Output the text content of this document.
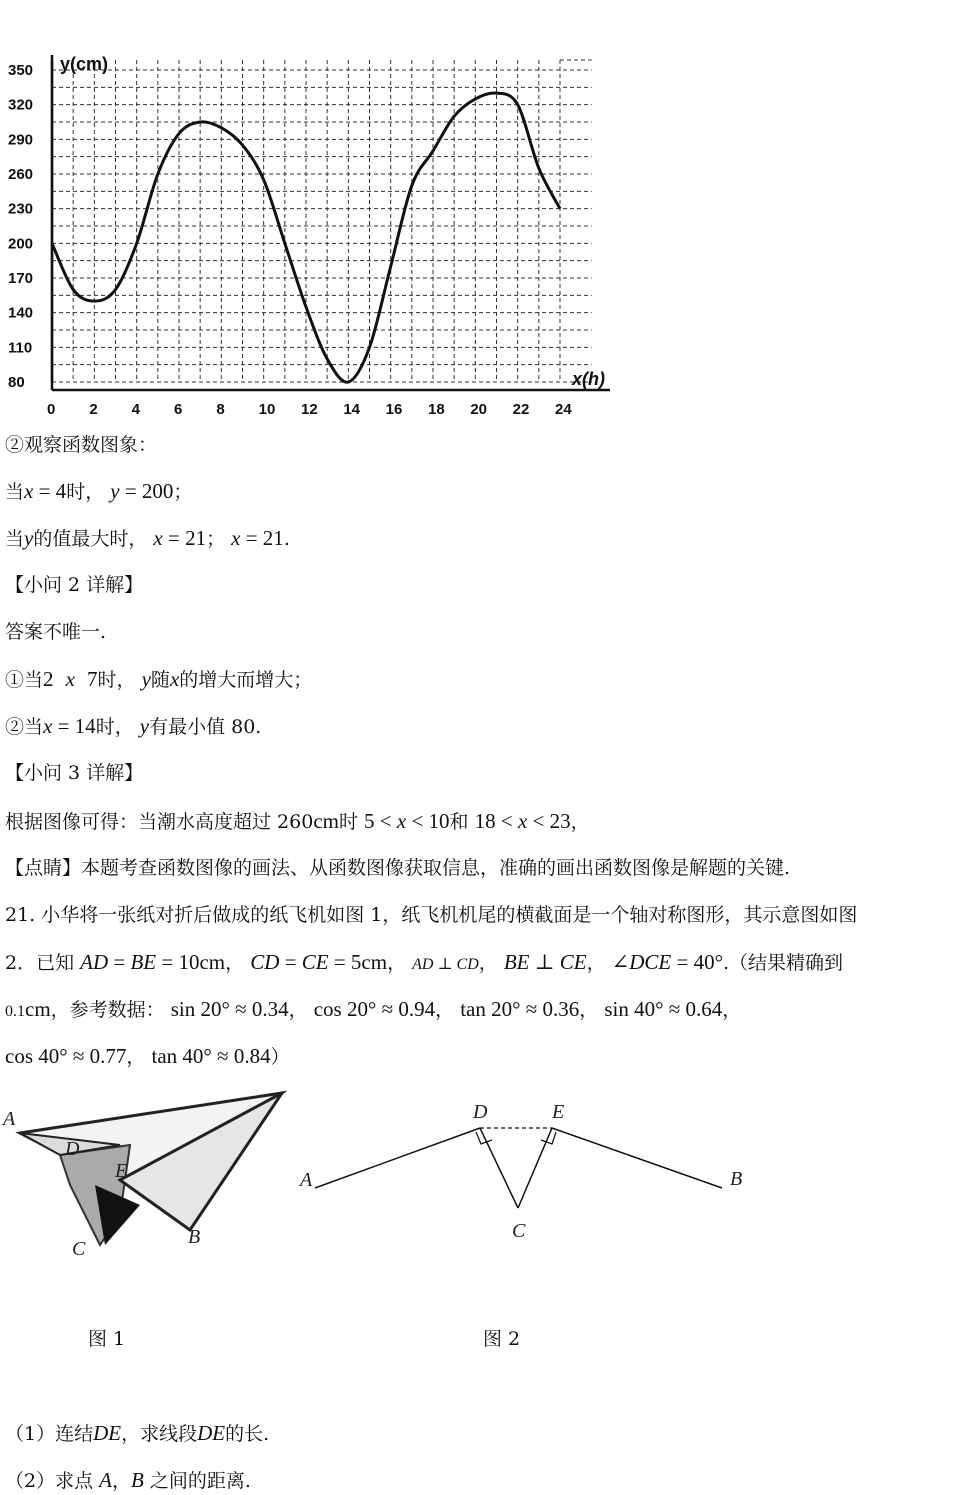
80
110
140
170
200
230
260
290
320
350
0 2 4 6 8 10 12 14 16 18 20 22 24
y(cm)
x(h)
②观察函数图象：
当x = 4时， y = 200；
当y的值最大时， x = 21； x = 21.
【小问 2 详解】
答案不唯一.
①当2 x 7时， y随x的增大而增大；
②当x = 14时， y有最小值 80.
【小问 3 详解】
根据图像可得：当潮水高度超过 260cm时 5 < x < 10和 18 < x < 23，
【点睛】本题考查函数图像的画法、从函数图像获取信息，准确的画出函数图像是解题的关键.
21. 小华将一张纸对折后做成的纸飞机如图 1，纸飞机机尾的横截面是一个轴对称图形，其示意图如图
2．已知 AD = BE = 10cm， CD = CE = 5cm， AD ⊥ CD， BE ⊥ CE， ∠DCE = 40°.（结果精确到
0.1cm，参考数据： sin 20° ≈ 0.34， cos 20° ≈ 0.94， tan 20° ≈ 0.36， sin 40° ≈ 0.64，
cos 40° ≈ 0.77， tan 40° ≈ 0.84）
A
D
E
C
B
A
D	E
C
B
图 1	图 2
（1）连结DE，求线段DE的长.
（2）求点 A，B 之间的距离.
